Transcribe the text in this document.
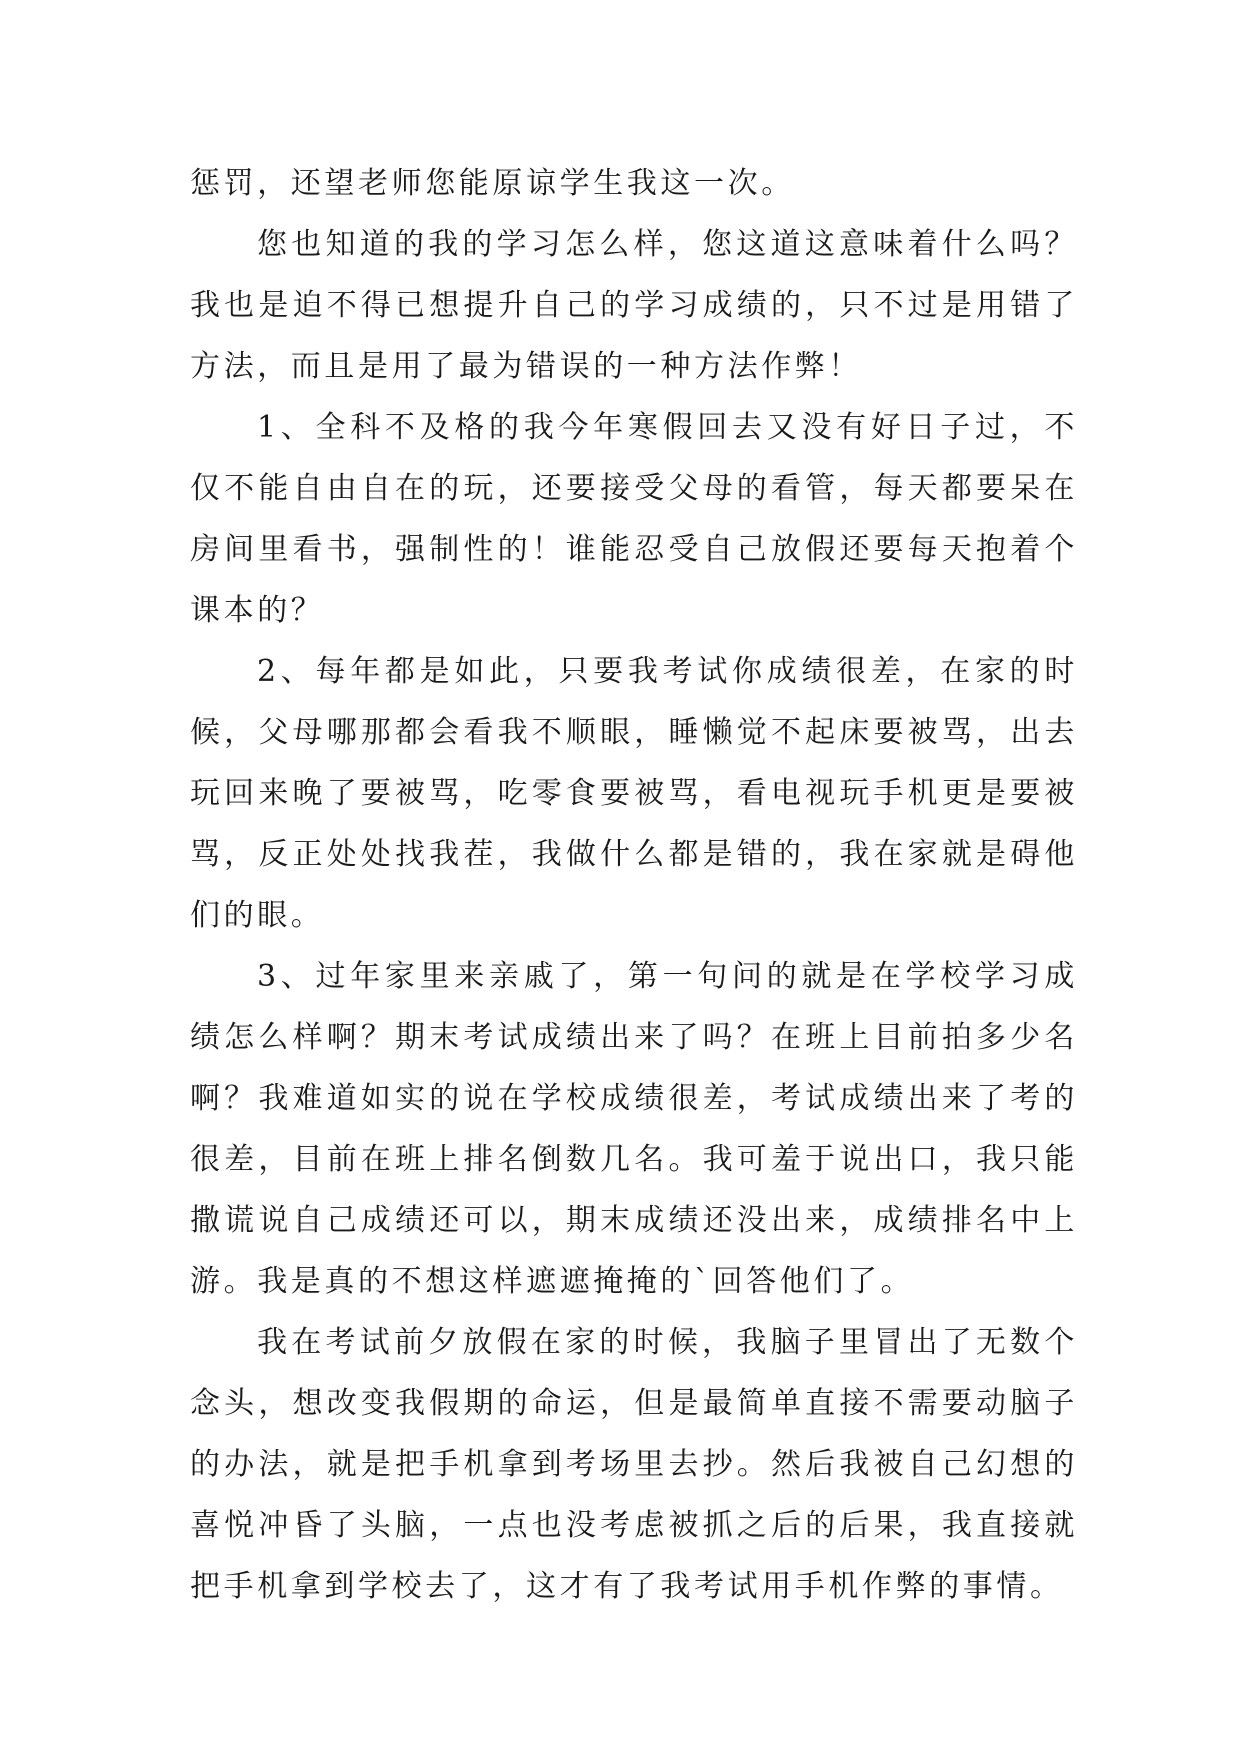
惩罚，还望老师您能原谅学生我这一次。

您也知道的我的学习怎么样，您这道这意味着什么吗？我也是迫不得已想提升自己的学习成绩的，只不过是用错了方法，而且是用了最为错误的一种方法作弊！

1、全科不及格的我今年寒假回去又没有好日子过，不仅不能自由自在的玩，还要接受父母的看管，每天都要呆在房间里看书，强制性的！谁能忍受自己放假还要每天抱着个课本的？

2、每年都是如此，只要我考试你成绩很差，在家的时候，父母哪那都会看我不顺眼，睡懒觉不起床要被骂，出去玩回来晚了要被骂，吃零食要被骂，看电视玩手机更是要被骂，反正处处找我茬，我做什么都是错的，我在家就是碍他们的眼。

3、过年家里来亲戚了，第一句问的就是在学校学习成绩怎么样啊？期末考试成绩出来了吗？在班上目前拍多少名啊？我难道如实的说在学校成绩很差，考试成绩出来了考的很差，目前在班上排名倒数几名。我可羞于说出口，我只能撒谎说自己成绩还可以，期末成绩还没出来，成绩排名中上游。我是真的不想这样遮遮掩掩的`回答他们了。

我在考试前夕放假在家的时候，我脑子里冒出了无数个念头，想改变我假期的命运，但是最简单直接不需要动脑子的办法，就是把手机拿到考场里去抄。然后我被自己幻想的喜悦冲昏了头脑，一点也没考虑被抓之后的后果，我直接就把手机拿到学校去了，这才有了我考试用手机作弊的事情。
